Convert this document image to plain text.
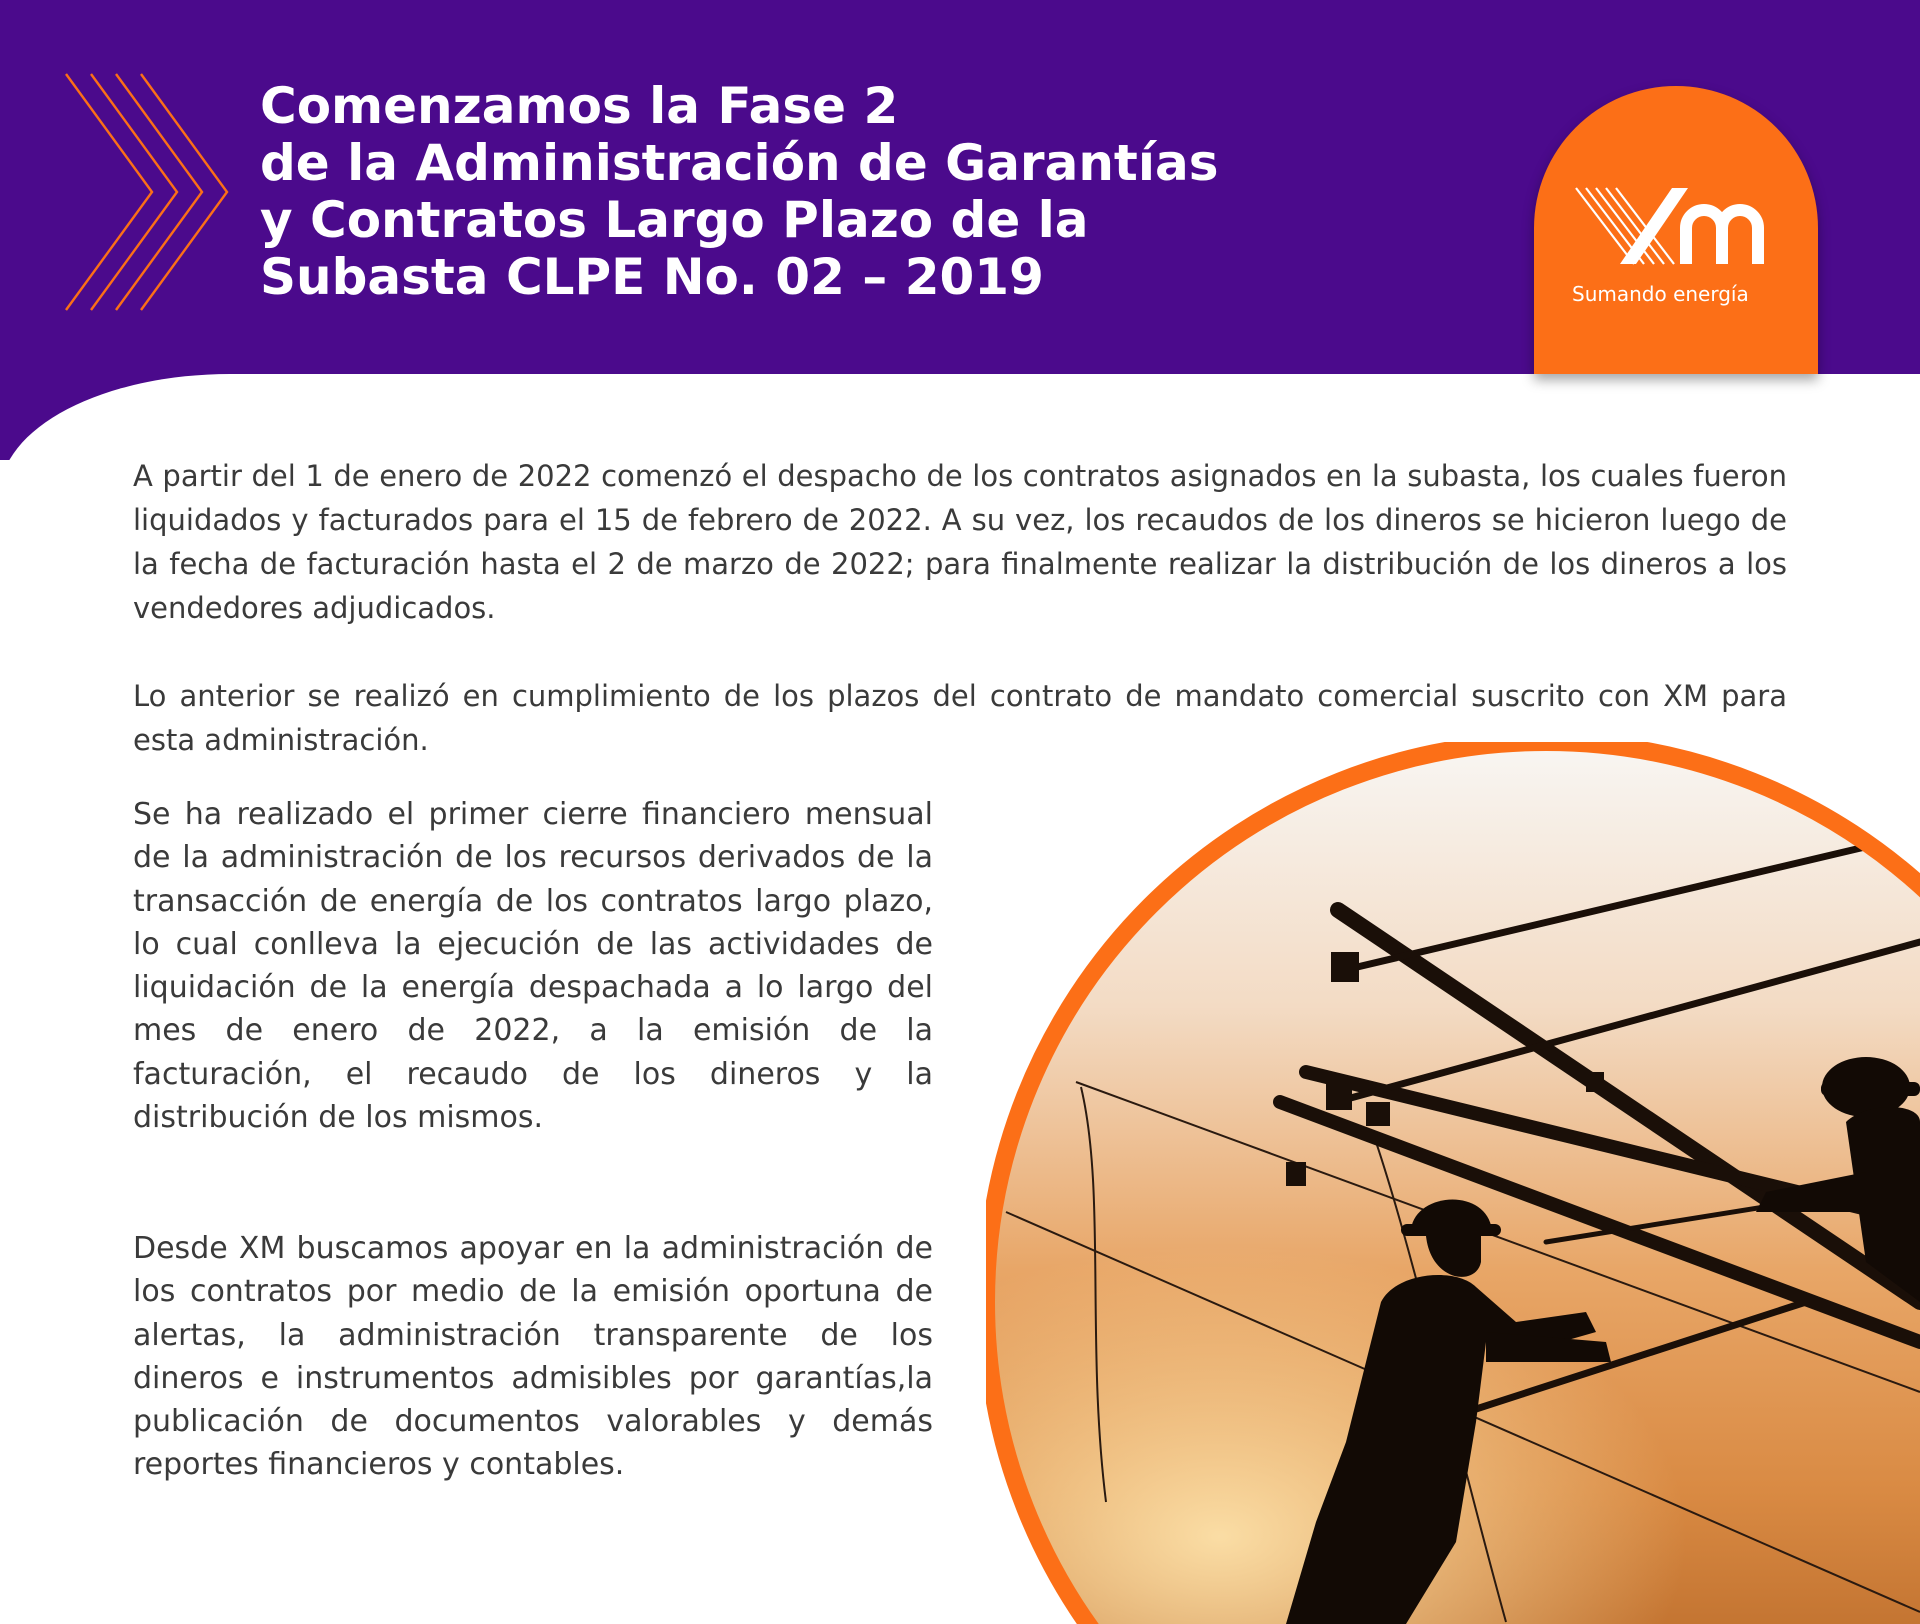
Comenzamos la Fase 2
de la Administración de Garantías
y Contratos Largo Plazo de la
Subasta CLPE No. 02 – 2019	Sumando energía

A partir del 1 de enero de 2022 comenzó el despacho de los contratos asignados en la subasta, los cuales fueron liquidados y facturados para el 15 de febrero de 2022. A su vez, los recaudos de los dineros se hicieron luego de la fecha de facturación hasta el 2 de marzo de 2022; para finalmente realizar la distribución de los dineros a los vendedores adjudicados.

Lo anterior se realizó en cumplimiento de los plazos del contrato de mandato comercial suscrito con XM para esta administración.

Se ha realizado el primer cierre financiero mensual de la administración de los recursos derivados de la transacción de energía de los contratos largo plazo, lo cual conlleva la ejecución de las actividades de liquidación de la energía despachada a lo largo del mes de enero de 2022, a la emisión de la facturación, el recaudo de los dineros y la distribución de los mismos.

Desde XM buscamos apoyar en la administración de los contratos por medio de la emisión oportuna de alertas, la administración transparente de los dineros e instrumentos admisibles por garantías,la publicación de documentos valorables y demás reportes financieros y contables.
